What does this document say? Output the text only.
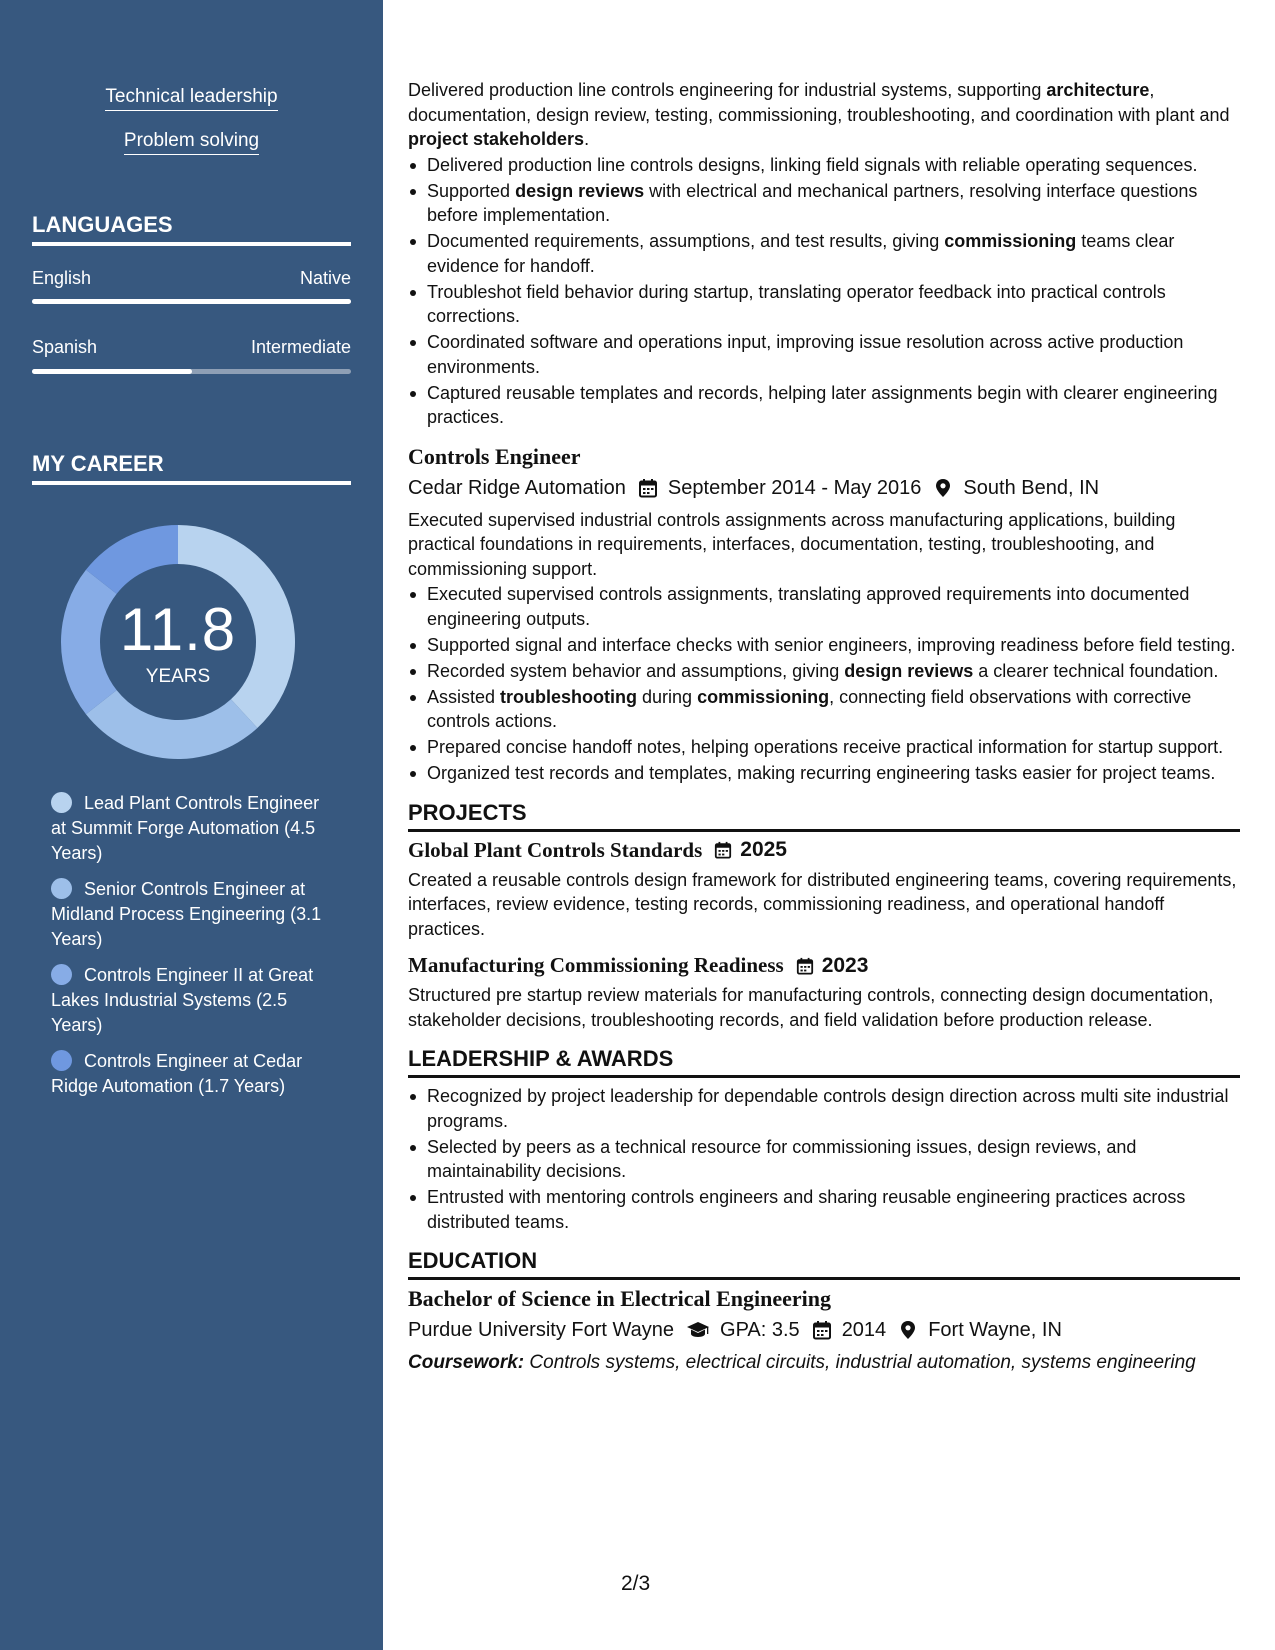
Technical leadership
Problem solving
LANGUAGES
English	Native
Spanish	Intermediate
MY CAREER
11.8
YEARS
Lead Plant Controls Engineer at Summit Forge Automation (4.5 Years)
Senior Controls Engineer at Midland Process Engineering (3.1 Years)
Controls Engineer II at Great Lakes Industrial Systems (2.5 Years)
Controls Engineer at Cedar Ridge Automation (1.7 Years)

Delivered production line controls engineering for industrial systems, supporting architecture, documentation, design review, testing, commissioning, troubleshooting, and coordination with plant and project stakeholders.

Delivered production line controls designs, linking field signals with reliable operating sequences.
Supported design reviews with electrical and mechanical partners, resolving interface questions before implementation.
Documented requirements, assumptions, and test results, giving commissioning teams clear evidence for handoff.
Troubleshot field behavior during startup, translating operator feedback into practical controls corrections.
Coordinated software and operations input, improving issue resolution across active production environments.
Captured reusable templates and records, helping later assignments begin with clearer engineering practices.
Controls Engineer
Cedar Ridge Automation September 2014 - May 2016 South Bend, IN

Executed supervised industrial controls assignments across manufacturing applications, building practical foundations in requirements, interfaces, documentation, testing, troubleshooting, and commissioning support.

Executed supervised controls assignments, translating approved requirements into documented engineering outputs.
Supported signal and interface checks with senior engineers, improving readiness before field testing.
Recorded system behavior and assumptions, giving design reviews a clearer technical foundation.
Assisted troubleshooting during commissioning, connecting field observations with corrective controls actions.
Prepared concise handoff notes, helping operations receive practical information for startup support.
Organized test records and templates, making recurring engineering tasks easier for project teams.
PROJECTS
Global Plant Controls Standards 2025

Created a reusable controls design framework for distributed engineering teams, covering requirements, interfaces, review evidence, testing records, commissioning readiness, and operational handoff practices.

Manufacturing Commissioning Readiness 2023

Structured pre startup review materials for manufacturing controls, connecting design documentation, stakeholder decisions, troubleshooting records, and field validation before production release.

LEADERSHIP & AWARDS
Recognized by project leadership for dependable controls design direction across multi site industrial programs.
Selected by peers as a technical resource for commissioning issues, design reviews, and maintainability decisions.
Entrusted with mentoring controls engineers and sharing reusable engineering practices across distributed teams.
EDUCATION
Bachelor of Science in Electrical Engineering
Purdue University Fort Wayne GPA: 3.5 2014 Fort Wayne, IN

Coursework: Controls systems, electrical circuits, industrial automation, systems engineering

2/3
